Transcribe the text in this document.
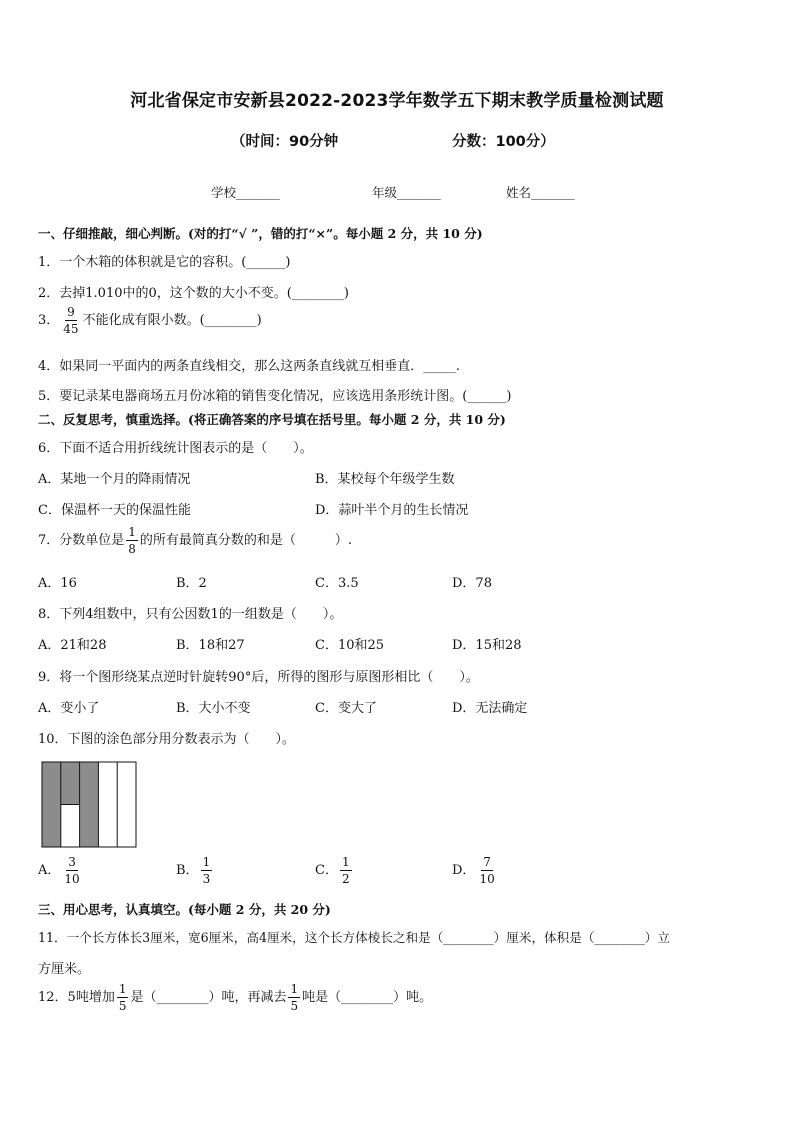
河北省保定市安新县2022-2023学年数学五下期末教学质量检测试题
（时间：90分钟	分数：100分）
学校_______	年级_______	姓名_______
一、仔细推敲，细心判断。(对的打“√ ”，错的打“×”。每小题 2 分，共 10 分)
1．一个木箱的体积就是它的容积。(______)
2．去掉1.010中的0，这个数的大小不变。(________)
3． $\frac{9}{45}$ 不能化成有限小数。(________)
4．如果同一平面内的两条直线相交，那么这两条直线就互相垂直．_____.
5．要记录某电器商场五月份冰箱的销售变化情况，应该选用条形统计图。(______)
二、反复思考，慎重选择。(将正确答案的序号填在括号里。每小题 2 分，共 10 分)
6．下面不适合用折线统计图表示的是（　　）。
A．某地一个月的降雨情况	B．某校每个年级学生数
C．保温杯一天的保温性能	D．蒜叶半个月的生长情况
7．分数单位是 $\frac{1}{8}$ 的所有最简真分数的和是（　　　）.
A．16	B．2	C．3.5	D．78
8．下列4组数中，只有公因数1的一组数是（　　）。
A．21和28	B．18和27	C．10和25	D．15和28
9．将一个图形绕某点逆时针旋转90°后，所得的图形与原图形相比（　　）。
A．变小了	B．大小不变	C．变大了	D．无法确定
10．下图的涂色部分用分数表示为（　　）。
A． $\frac{3}{10}$	B． $\frac{1}{3}$	C． $\frac{1}{2}$	D． $\frac{7}{10}$
三、用心思考，认真填空。(每小题 2 分，共 20 分)
11．一个长方体长3厘米，宽6厘米，高4厘米，这个长方体棱长之和是（________）厘米，体积是（________）立
方厘米。
12．5吨增加 $\frac{1}{5}$ 是（________）吨，再减去 $\frac{1}{5}$ 吨是（________）吨。
